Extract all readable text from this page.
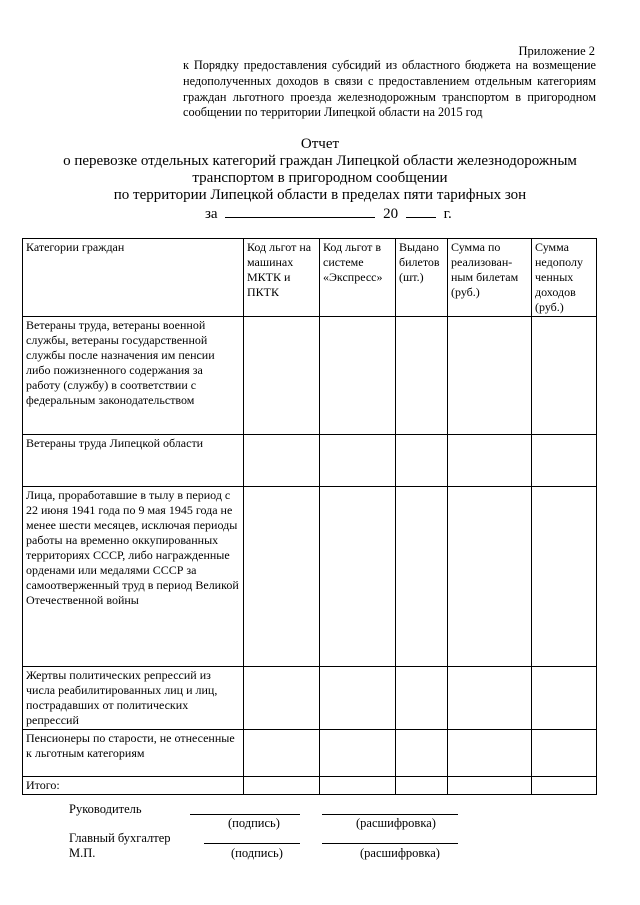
Приложение 2
к Порядку предоставления субсидий из областного бюджета на возмещение недополученных доходов в связи с предоставлением отдельным категориям граждан льготного проезда железнодорожным транспортом в пригородном сообщении по территории Липецкой области на 2015 год
Отчет
о перевозке отдельных категорий граждан Липецкой области железнодорожным
транспортом в пригородном сообщении
по территории Липецкой области в пределах пяти тарифных зон
за	20	г.
Категории граждан	Код льгот на машинах МКТК и ПКТК	Код льгот в системе «Экспресс»	Выдано билетов (шт.)	Сумма по реализован-ным билетам (руб.)	Сумма недополу ченных доходов (руб.)
Ветераны труда, ветераны военной службы, ветераны государственной службы после назначения им пенсии либо пожизненного содержания за работу (службу) в соответствии с федеральным законодательством					
Ветераны труда Липецкой области					
Лица, проработавшие в тылу в период с 22 июня 1941 года по 9 мая 1945 года не менее шести месяцев, исключая периоды работы на временно оккупированных территориях СССР, либо награжденные орденами или медалями СССР за самоотверженный труд в период Великой Отечественной войны					
Жертвы политических репрессий из числа реабилитированных лиц и лиц, пострадавших от политических репрессий					
Пенсионеры по старости, не отнесенные к льготным категориям					
Итого:					
Руководитель
(подпись)	(расшифровка)
Главный бухгалтер
М.П.	(подпись)	(расшифровка)
